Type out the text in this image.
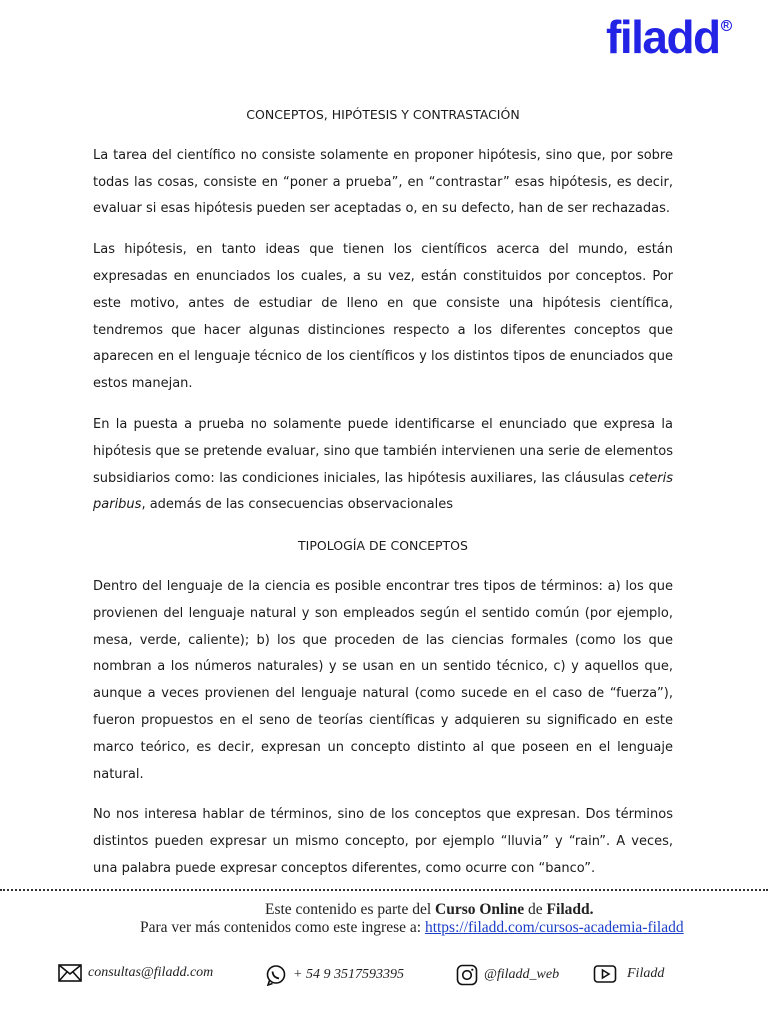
filadd R
CONCEPTOS, HIPÓTESIS Y CONTRASTACIÓN

La tarea del científico no consiste solamente en proponer hipótesis, sino que, por sobre todas las cosas, consiste en “poner a prueba”, en “contrastar” esas hipótesis, es decir, evaluar si esas hipótesis pueden ser aceptadas o, en su defecto, han de ser rechazadas.

Las hipótesis, en tanto ideas que tienen los científicos acerca del mundo, están expresadas en enunciados los cuales, a su vez, están constituidos por conceptos. Por este motivo, antes de estudiar de lleno en que consiste una hipótesis científica, tendremos que hacer algunas distinciones respecto a los diferentes conceptos que aparecen en el lenguaje técnico de los científicos y los distintos tipos de enunciados que estos manejan.

En la puesta a prueba no solamente puede identificarse el enunciado que expresa la hipótesis que se pretende evaluar, sino que también intervienen una serie de elementos subsidiarios como: las condiciones iniciales, las hipótesis auxiliares, las cláusulas ceteris paribus, además de las consecuencias observacionales

TIPOLOGÍA DE CONCEPTOS

Dentro del lenguaje de la ciencia es posible encontrar tres tipos de términos: a) los que provienen del lenguaje natural y son empleados según el sentido común (por ejemplo, mesa, verde, caliente); b) los que proceden de las ciencias formales (como los que nombran a los números naturales) y se usan en un sentido técnico, c) y aquellos que, aunque a veces provienen del lenguaje natural (como sucede en el caso de “fuerza”), fueron propuestos en el seno de teorías científicas y adquieren su significado en este marco teórico, es decir, expresan un concepto distinto al que poseen en el lenguaje natural.

No nos interesa hablar de términos, sino de los conceptos que expresan. Dos términos distintos pueden expresar un mismo concepto, por ejemplo “lluvia” y “rain”. A veces, una palabra puede expresar conceptos diferentes, como ocurre con “banco”.

Este contenido es parte del Curso Online de Filadd.
Para ver más contenidos como este ingrese a: https://filadd.com/cursos-academia-filadd
consultas@filadd.com	+ 54 9 3517593395	@filadd_web	Filadd
